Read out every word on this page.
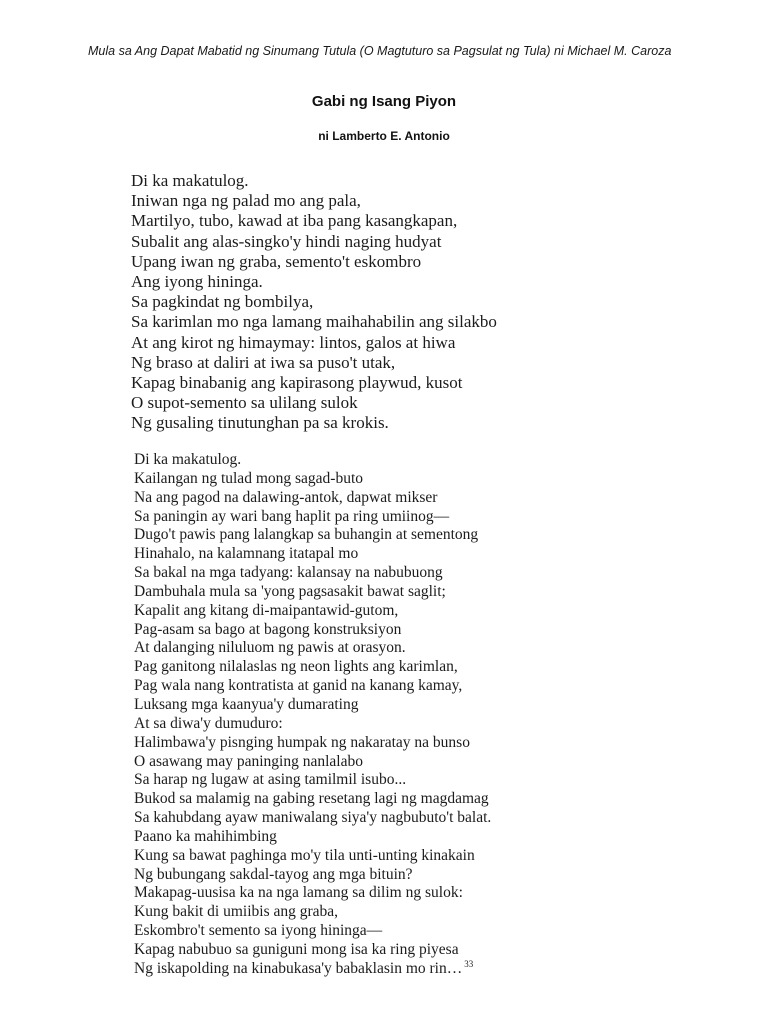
Mula sa Ang Dapat Mabatid ng Sinumang Tutula (O Magtuturo sa Pagsulat ng Tula) ni Michael M. Caroza
Gabi ng Isang Piyon
ni Lamberto E. Antonio
Di ka makatulog.
Iniwan nga ng palad mo ang pala,
Martilyo, tubo, kawad at iba pang kasangkapan,
Subalit ang alas-singko'y hindi naging hudyat
Upang iwan ng graba, semento't eskombro
Ang iyong hininga.
Sa pagkindat ng bombilya,
Sa karimlan mo nga lamang maihahabilin ang silakbo
At ang kirot ng himaymay: lintos, galos at hiwa
Ng braso at daliri at iwa sa puso't utak,
Kapag binabanig ang kapirasong playwud, kusot
O supot-semento sa ulilang sulok
Ng gusaling tinutunghan pa sa krokis.
Di ka makatulog.
Kailangan ng tulad mong sagad-buto
Na ang pagod na dalawing-antok, dapwat mikser
Sa paningin ay wari bang haplit pa ring umiinog—
Dugo't pawis pang lalangkap sa buhangin at sementong
Hinahalo, na kalamnang itatapal mo
Sa bakal na mga tadyang: kalansay na nabubuong
Dambuhala mula sa 'yong pagsasakit bawat saglit;
Kapalit ang kitang di-maipantawid-gutom,
Pag-asam sa bago at bagong konstruksiyon
At dalanging niluluom ng pawis at orasyon.
Pag ganitong nilalaslas ng neon lights ang karimlan,
Pag wala nang kontratista at ganid na kanang kamay,
Luksang mga kaanyua'y dumarating
At sa diwa'y dumuduro:
Halimbawa'y pisnging humpak ng nakaratay na bunso
O asawang may paninging nanlalabo
Sa harap ng lugaw at asing tamilmil isubo...
Bukod sa malamig na gabing resetang lagi ng magdamag
Sa kahubdang ayaw maniwalang siya'y nagbubuto't balat.
Paano ka mahihimbing
Kung sa bawat paghinga mo'y tila unti-unting kinakain
Ng bubungang sakdal-tayog ang mga bituin?
Makapag-uusisa ka na nga lamang sa dilim ng sulok:
Kung bakit di umiibis ang graba,
Eskombro't semento sa iyong hininga—
Kapag nabubuo sa guniguni mong isa ka ring piyesa
Ng iskapolding na kinabukasa'y babaklasin mo rin… $^{33}$
